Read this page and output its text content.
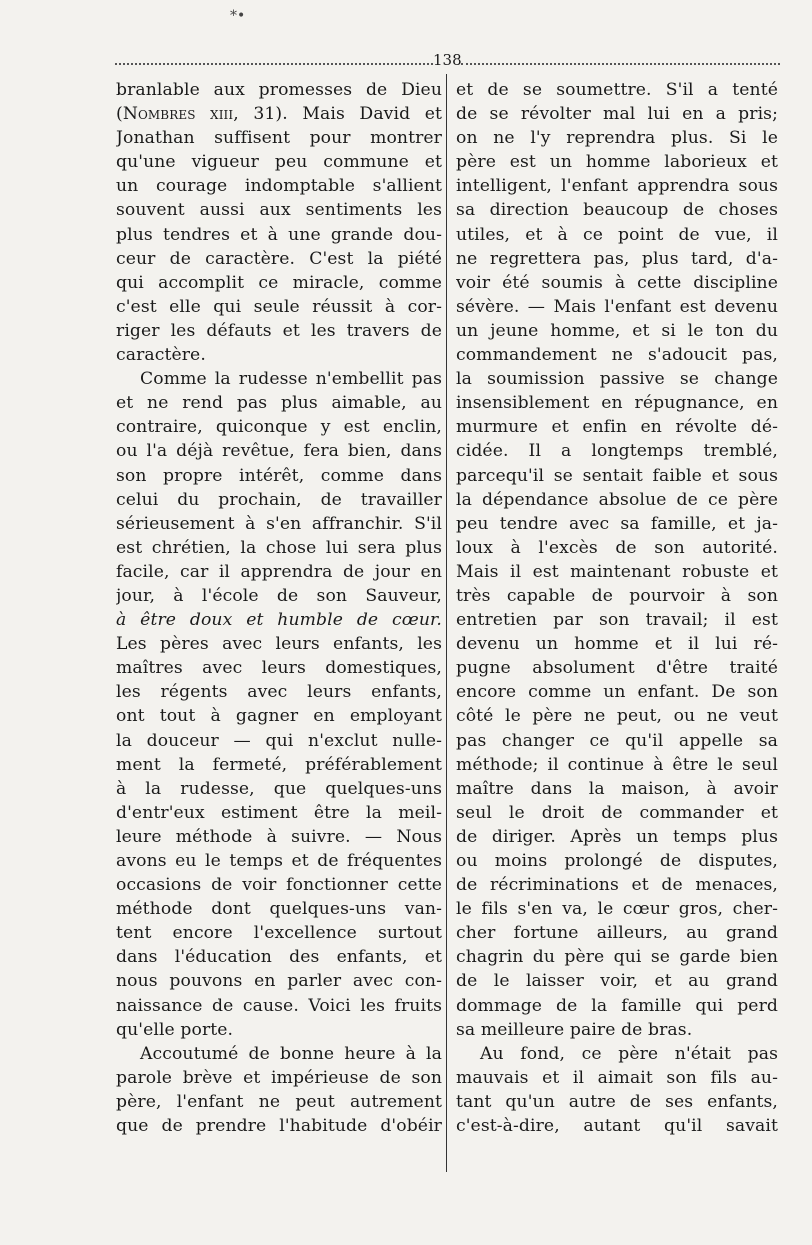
*•
138
branlable aux promesses de Dieu
(Nombres xiii, 31). Mais David et
Jonathan suffisent pour montrer
qu'une vigueur peu commune et
un courage indomptable s'allient
souvent aussi aux sentiments les
plus tendres et à une grande dou-
ceur de caractère. C'est la piété
qui accomplit ce miracle, comme
c'est elle qui seule réussit à cor-
riger les défauts et les travers de
caractère.
Comme la rudesse n'embellit pas
et ne rend pas plus aimable, au
contraire, quiconque y est enclin,
ou l'a déjà revêtue, fera bien, dans
son propre intérêt, comme dans
celui du prochain, de travailler
sérieusement à s'en affranchir. S'il
est chrétien, la chose lui sera plus
facile, car il apprendra de jour en
jour, à l'école de son Sauveur,
à être doux et humble de cœur.
Les pères avec leurs enfants, les
maîtres avec leurs domestiques,
les régents avec leurs enfants,
ont tout à gagner en employant
la douceur — qui n'exclut nulle-
ment la fermeté, préférablement
à la rudesse, que quelques-uns
d'entr'eux estiment être la meil-
leure méthode à suivre. — Nous
avons eu le temps et de fréquentes
occasions de voir fonctionner cette
méthode dont quelques-uns van-
tent encore l'excellence surtout
dans l'éducation des enfants, et
nous pouvons en parler avec con-
naissance de cause. Voici les fruits
qu'elle porte.
Accoutumé de bonne heure à la
parole brève et impérieuse de son
père, l'enfant ne peut autrement
que de prendre l'habitude d'obéir
et de se soumettre. S'il a tenté
de se révolter mal lui en a pris;
on ne l'y reprendra plus. Si le
père est un homme laborieux et
intelligent, l'enfant apprendra sous
sa direction beaucoup de choses
utiles, et à ce point de vue, il
ne regrettera pas, plus tard, d'a-
voir été soumis à cette discipline
sévère. — Mais l'enfant est devenu
un jeune homme, et si le ton du
commandement ne s'adoucit pas,
la soumission passive se change
insensiblement en répugnance, en
murmure et enfin en révolte dé-
cidée. Il a longtemps tremblé,
parcequ'il se sentait faible et sous
la dépendance absolue de ce père
peu tendre avec sa famille, et ja-
loux à l'excès de son autorité.
Mais il est maintenant robuste et
très capable de pourvoir à son
entretien par son travail; il est
devenu un homme et il lui ré-
pugne absolument d'être traité
encore comme un enfant. De son
côté le père ne peut, ou ne veut
pas changer ce qu'il appelle sa
méthode; il continue à être le seul
maître dans la maison, à avoir
seul le droit de commander et
de diriger. Après un temps plus
ou moins prolongé de disputes,
de récriminations et de menaces,
le fils s'en va, le cœur gros, cher-
cher fortune ailleurs, au grand
chagrin du père qui se garde bien
de le laisser voir, et au grand
dommage de la famille qui perd
sa meilleure paire de bras.
Au fond, ce père n'était pas
mauvais et il aimait son fils au-
tant qu'un autre de ses enfants,
c'est-à-dire, autant qu'il savait
